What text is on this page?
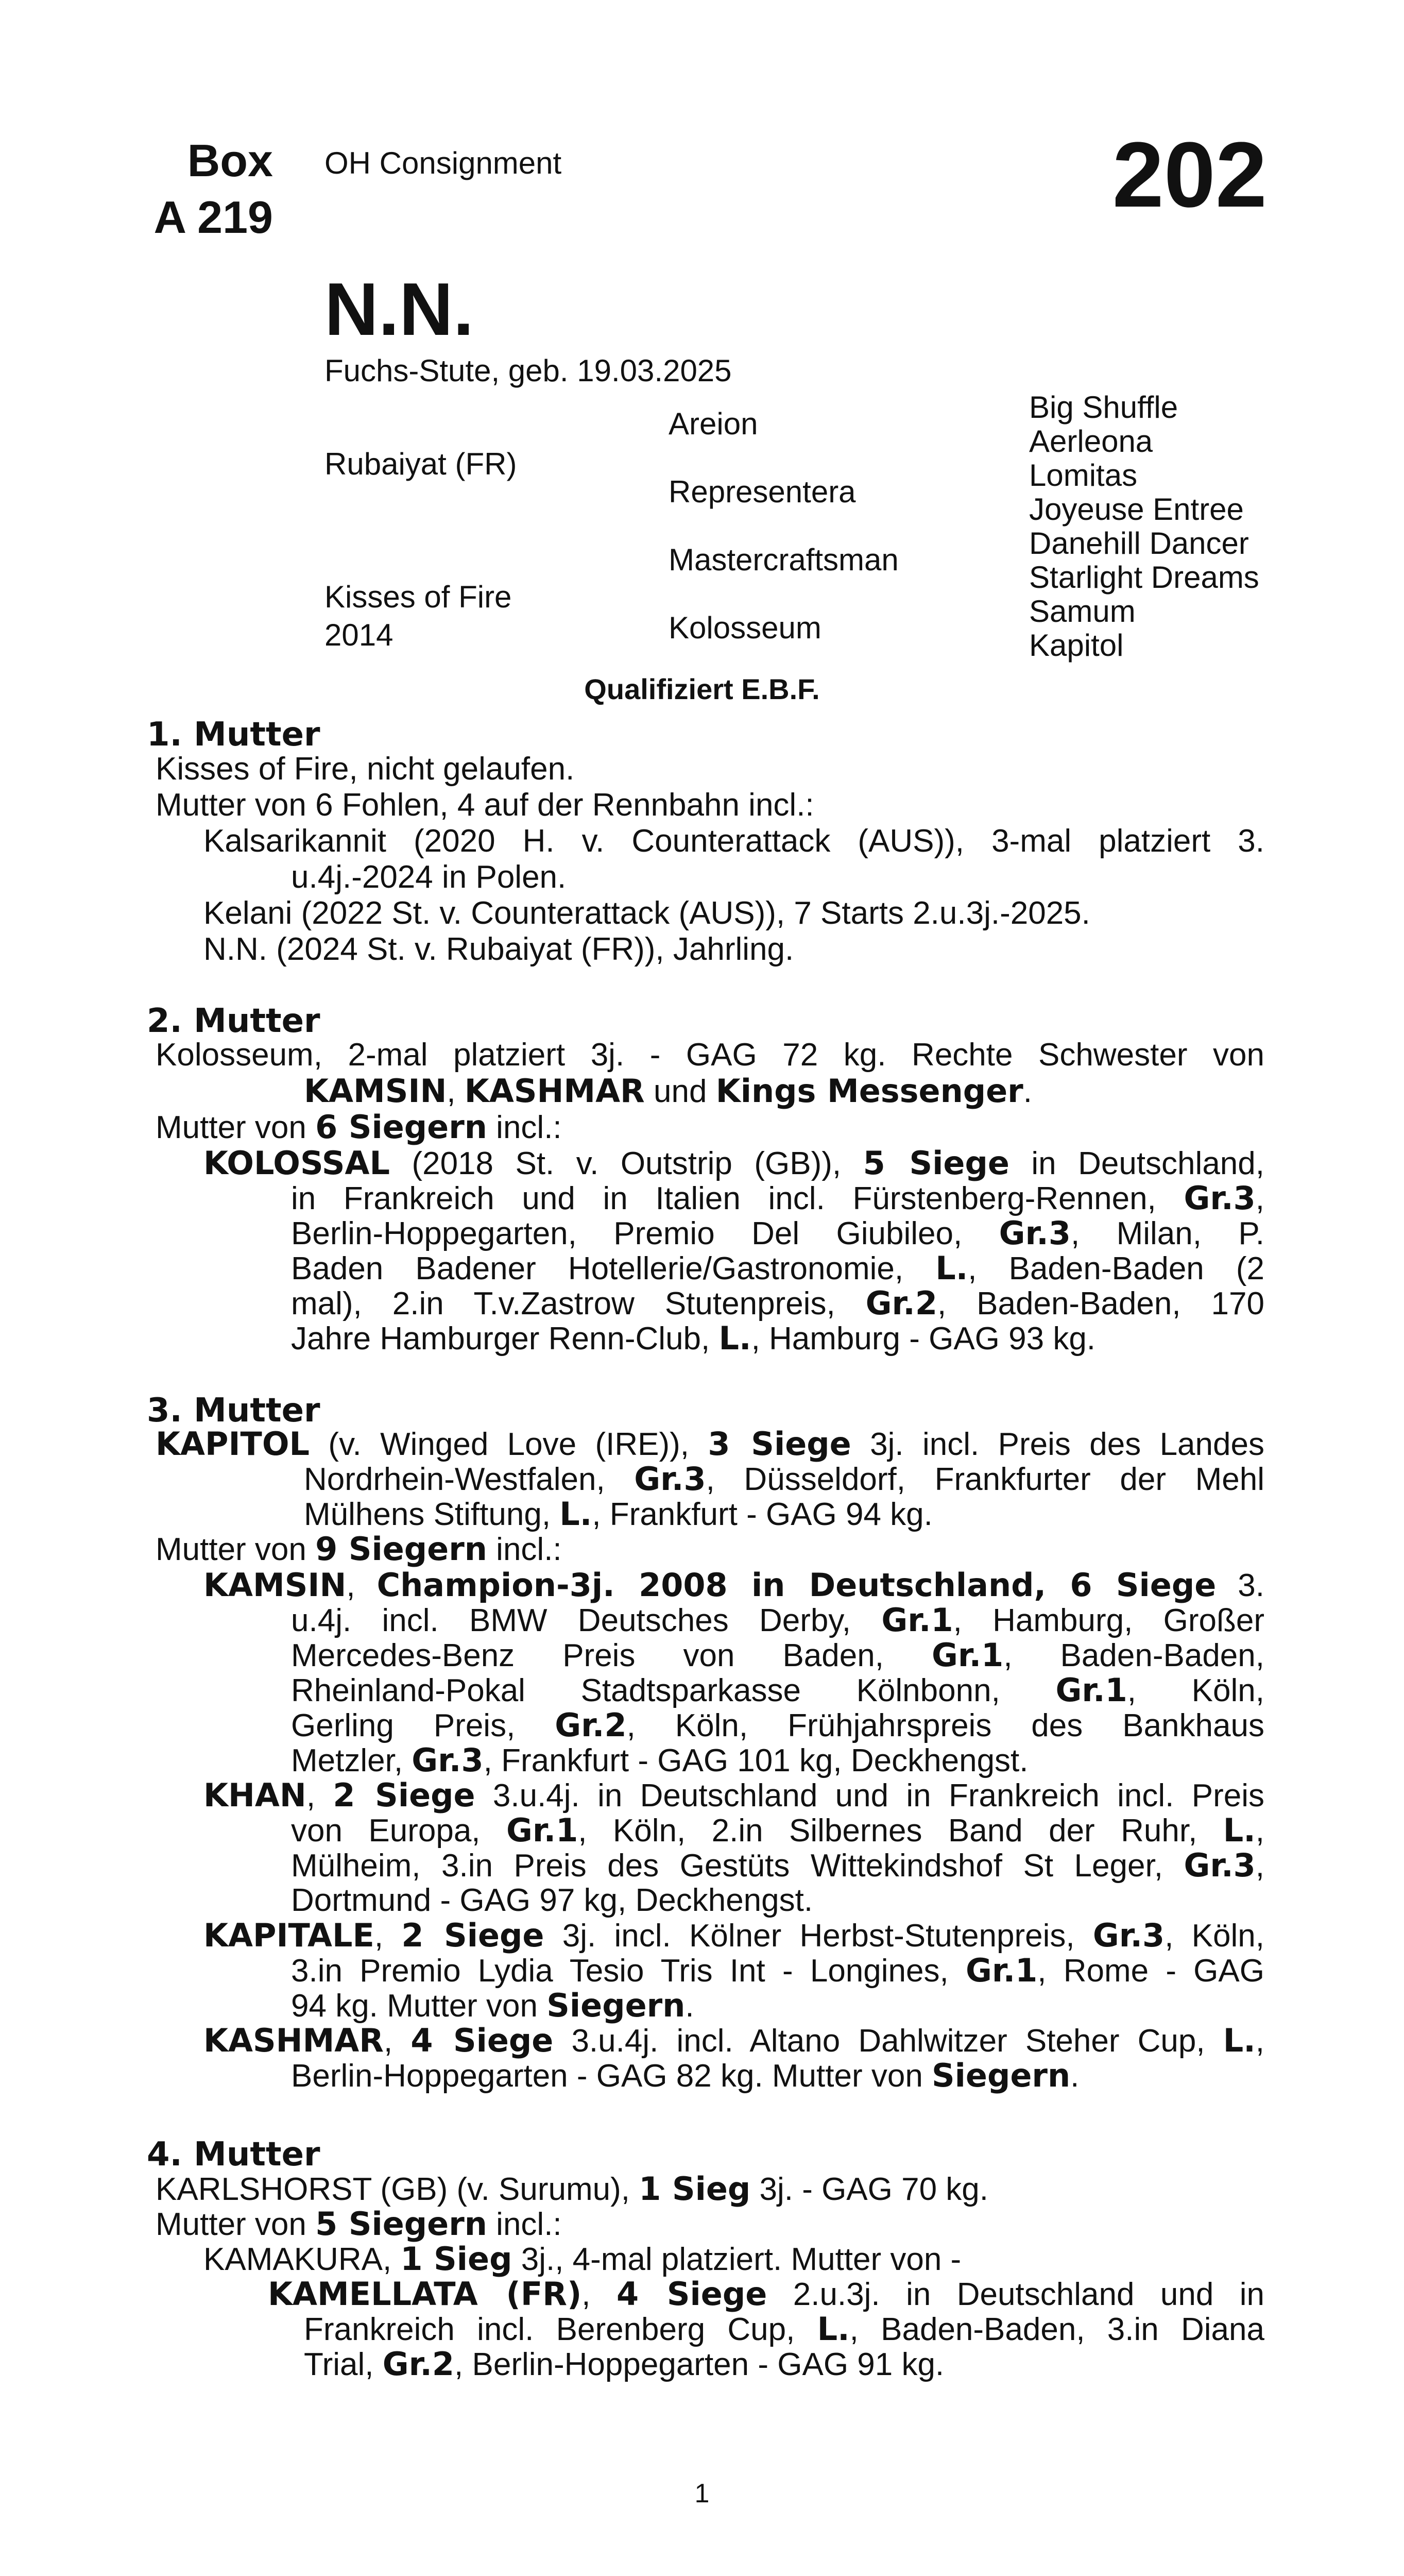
Box
A 219
OH Consignment	202
N.N.
Fuchs-Stute, geb. 19.03.2025
Rubaiyat (FR)
Kisses of Fire
2014
Areion
Representera
Mastercraftsman
Kolosseum
Big Shuffle
Aerleona
Lomitas
Joyeuse Entree
Danehill Dancer
Starlight Dreams
Samum
Kapitol
Qualifiziert E.B.F.
1. Mutter
Kisses of Fire, nicht gelaufen.
Mutter von 6 Fohlen, 4 auf der Rennbahn incl.:
Kalsarikannit (2020 H. v. Counterattack (AUS)), 3-mal platziert 3.
u.4j.-2024 in Polen.
Kelani (2022 St. v. Counterattack (AUS)), 7 Starts 2.u.3j.-2025.
N.N. (2024 St. v. Rubaiyat (FR)), Jahrling.
2. Mutter
Kolosseum, 2-mal platziert 3j. - GAG 72 kg. Rechte Schwester von
KAMSIN, KASHMAR und Kings Messenger.
Mutter von 6 Siegern incl.:
KOLOSSAL (2018 St. v. Outstrip (GB)), 5 Siege in Deutschland,
in Frankreich und in Italien incl. Fürstenberg-Rennen, Gr.3,
Berlin-Hoppegarten, Premio Del Giubileo, Gr.3, Milan, P.
Baden Badener Hotellerie/Gastronomie, L., Baden-Baden (2
mal), 2.in T.v.Zastrow Stutenpreis, Gr.2, Baden-Baden, 170
Jahre Hamburger Renn-Club, L., Hamburg - GAG 93 kg.
3. Mutter
KAPITOL (v. Winged Love (IRE)), 3 Siege 3j. incl. Preis des Landes
Nordrhein-Westfalen, Gr.3, Düsseldorf, Frankfurter der Mehl
Mülhens Stiftung, L., Frankfurt - GAG 94 kg.
Mutter von 9 Siegern incl.:
KAMSIN, Champion-3j. 2008 in Deutschland, 6 Siege 3.
u.4j. incl. BMW Deutsches Derby, Gr.1, Hamburg, Großer
Mercedes-Benz Preis von Baden, Gr.1, Baden-Baden,
Rheinland-Pokal Stadtsparkasse Kölnbonn, Gr.1, Köln,
Gerling Preis, Gr.2, Köln, Frühjahrspreis des Bankhaus
Metzler, Gr.3, Frankfurt - GAG 101 kg, Deckhengst.
KHAN, 2 Siege 3.u.4j. in Deutschland und in Frankreich incl. Preis
von Europa, Gr.1, Köln, 2.in Silbernes Band der Ruhr, L.,
Mülheim, 3.in Preis des Gestüts Wittekindshof St Leger, Gr.3,
Dortmund - GAG 97 kg, Deckhengst.
KAPITALE, 2 Siege 3j. incl. Kölner Herbst-Stutenpreis, Gr.3, Köln,
3.in Premio Lydia Tesio Tris Int - Longines, Gr.1, Rome - GAG
94 kg. Mutter von Siegern.
KASHMAR, 4 Siege 3.u.4j. incl. Altano Dahlwitzer Steher Cup, L.,
Berlin-Hoppegarten - GAG 82 kg. Mutter von Siegern.
4. Mutter
KARLSHORST (GB) (v. Surumu), 1 Sieg 3j. - GAG 70 kg.
Mutter von 5 Siegern incl.:
KAMAKURA, 1 Sieg 3j., 4-mal platziert. Mutter von -
KAMELLATA (FR), 4 Siege 2.u.3j. in Deutschland und in
Frankreich incl. Berenberg Cup, L., Baden-Baden, 3.in Diana
Trial, Gr.2, Berlin-Hoppegarten - GAG 91 kg.
1
